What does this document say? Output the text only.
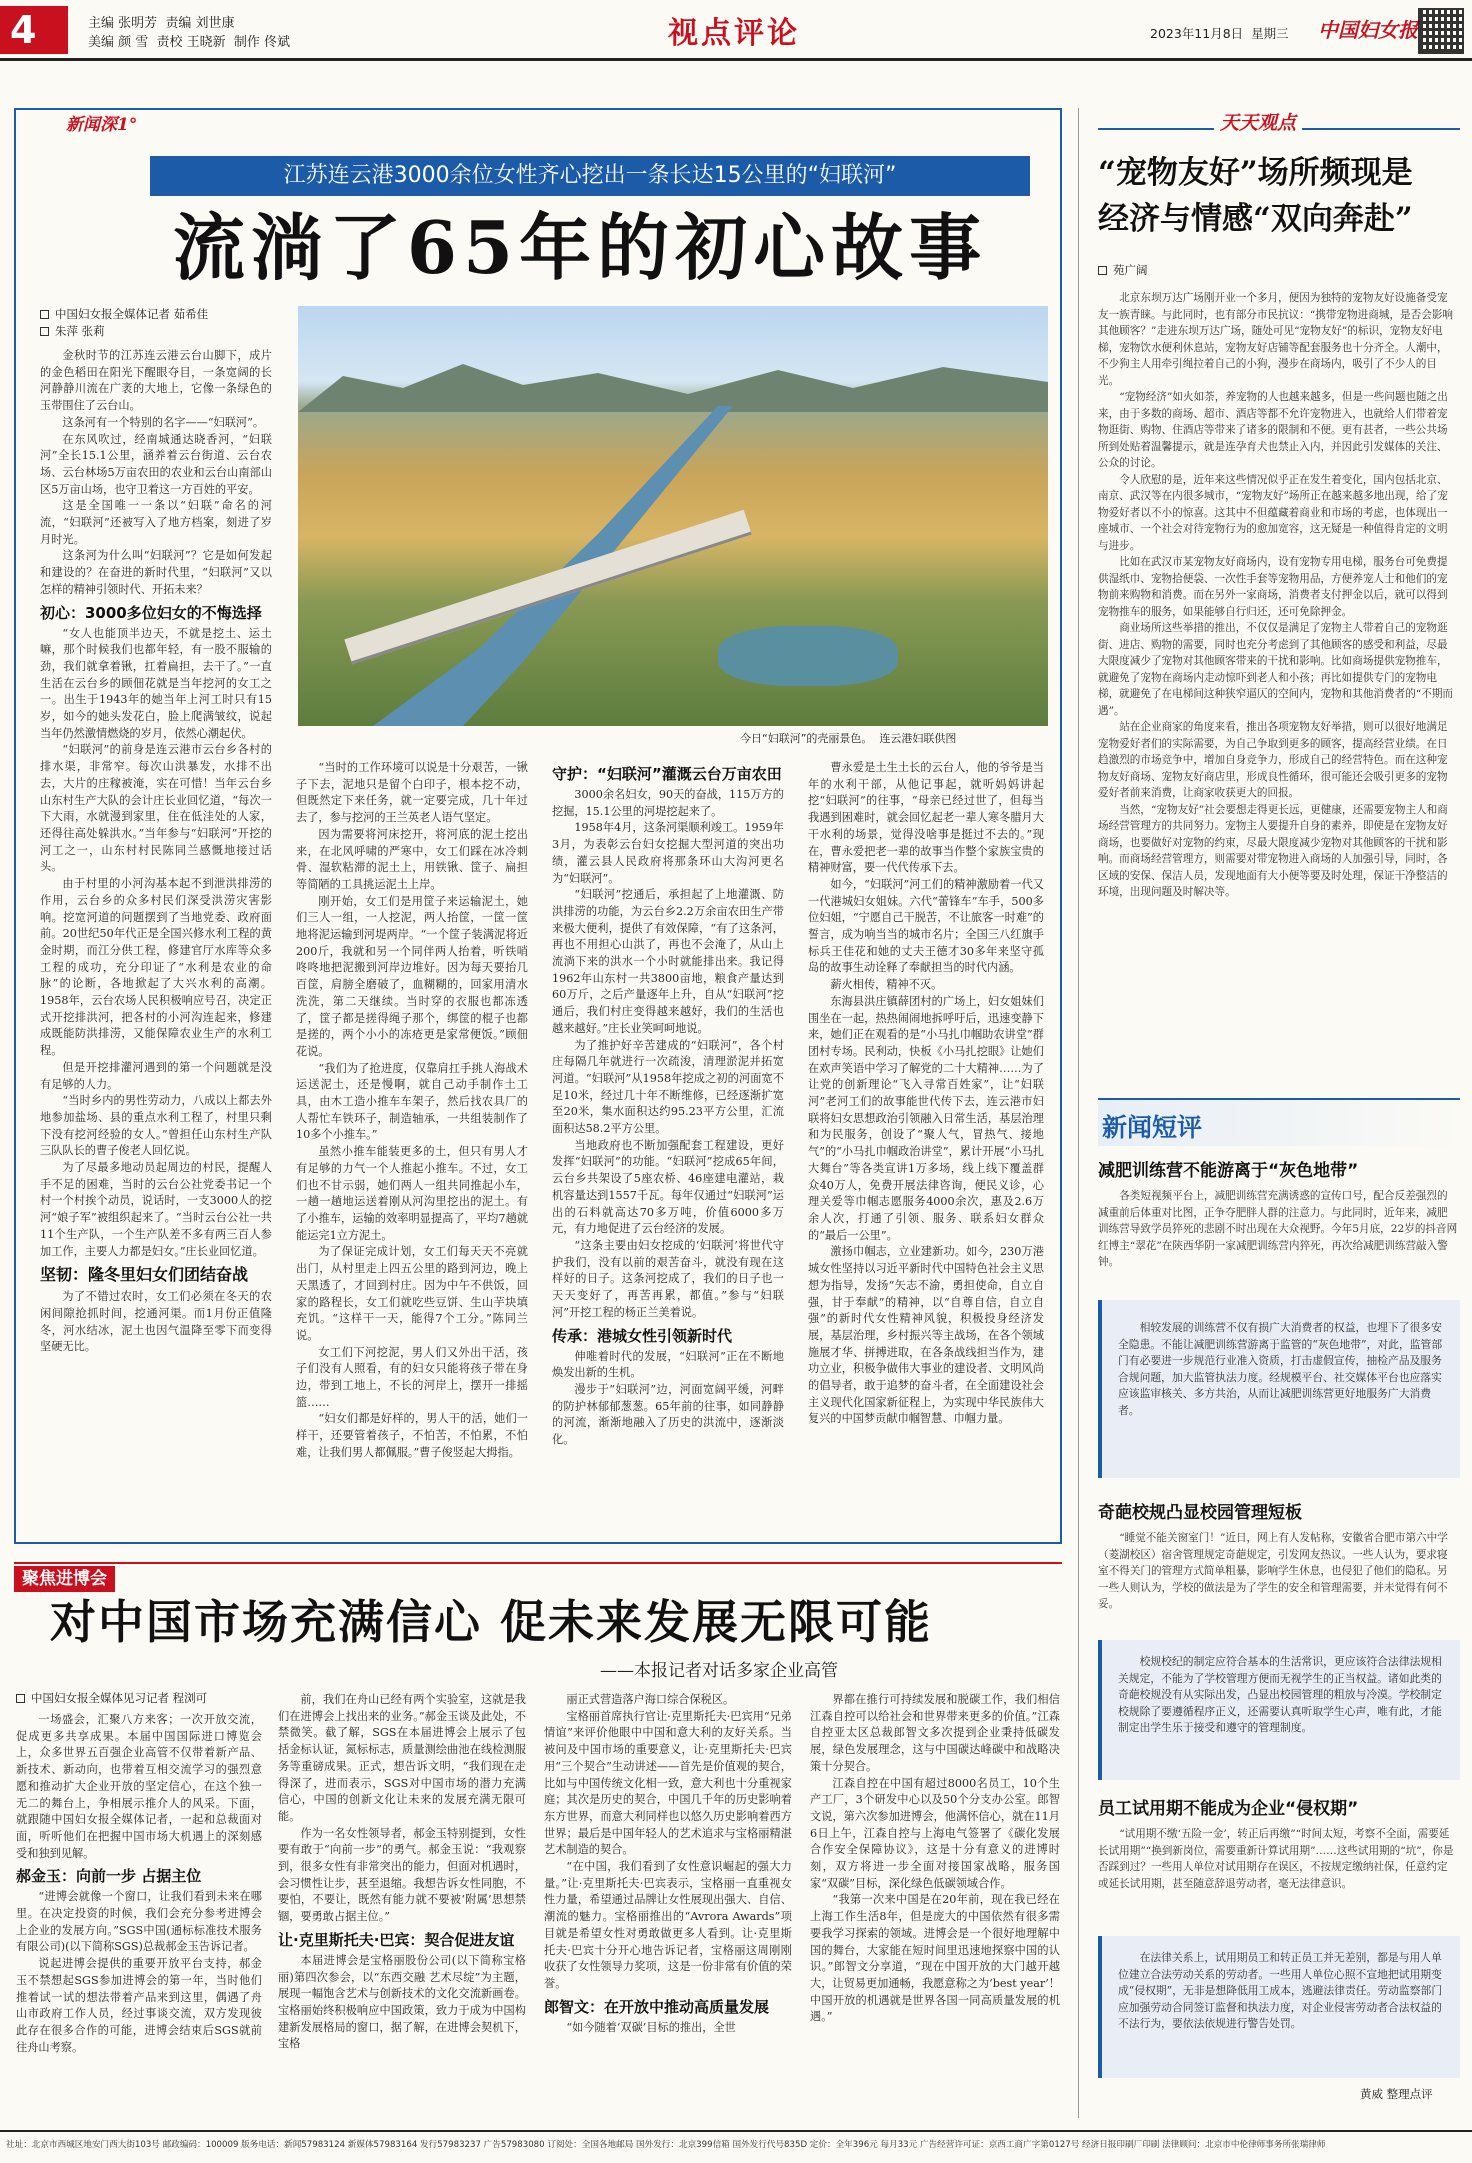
4	主编 张明芳  责编 刘世康
美编 颜 雪  责校 王晓新  制作 佟斌	视点评论	2023年11月8日  星期三 中国妇女报
新闻深1°
江苏连云港3000余位女性齐心挖出一条长达15公里的“妇联河”
流淌了65年的初心故事
中国妇女报全媒体记者 茹希佳
朱萍 张莉
今日“妇联河”的壳丽景色。  连云港妇联供图

金秋时节的江苏连云港云台山脚下，成片的金色稻田在阳光下醒眼夺目，一条宽阔的长河静静川流在广袤的大地上，它像一条绿色的玉带围住了云台山。

这条河有一个特别的名字——“妇联河”。

在东风吹过，经南城通达晓香河，“妇联河”全长15.1公里，涵养着云台街道、云台农场、云台林场5万亩农田的农业和云台山南部山区5万亩山场，也守卫着这一方百姓的平安。

这是全国唯一一条以“妇联”命名的河流，“妇联河”还被写入了地方档案，刻进了岁月时光。

这条河为什么叫“妇联河”？它是如何发起和建设的？在奋进的新时代里，“妇联河”又以怎样的精神引领时代、开拓未来？

初心：3000多位妇女的不悔选择

“女人也能顶半边天，不就是挖土、运土嘛，那个时候我们也都年轻，有一股不服输的劲，我们就拿着锹，扛着扁担，去干了。”一直生活在云台乡的顾佃花就是当年挖河的女工之一。出生于1943年的她当年上河工时只有15岁，如今的她头发花白，脸上爬满皱纹，说起当年仍然激情燃烧的岁月，依然心潮起伏。

“妇联河”的前身是连云港市云台乡各村的排水渠，非常窄。每次山洪暴发，水排不出去，大片的庄稼被淹，实在可惜！当年云台乡山东村生产大队的会计庄长业回忆道，“每次一下大雨，水就漫到家里，住在低洼处的人家，还得往高处躲洪水。”当年参与“妇联河”开挖的河工之一，山东村村民陈同兰感慨地接过话头。

由于村里的小河沟基本起不到泄洪排涝的作用，云台乡的众多村民们深受洪涝灾害影响。挖宽河道的问题摆到了当地党委、政府面前。20世纪50年代正是全国兴修水利工程的黄金时期，而江分供工程，修建官厅水库等众多工程的成功，充分印证了“水利是农业的命脉”的论断，各地掀起了大兴水利的高潮。1958年，云台农场人民积极响应号召，决定正式开挖排洪河，把各村的小河沟连起来，修建成既能防洪排涝，又能保障农业生产的水利工程。

但是开挖排灌河遇到的第一个问题就是没有足够的人力。

“当时乡内的男性劳动力，八成以上都去外地参加盐场、县的重点水利工程了，村里只剩下没有挖河经验的女人。”曾担任山东村生产队三队队长的曹子俊老人回忆说。

为了尽最多地动员起周边的村民，提醒人手不足的困难，当时的云台公社党委书记一个村一个村挨个动员，说话时，一支3000人的挖河“娘子军”被组织起来了。“当时云台公社一共11个生产队，一个生产队差不多有两三百人参加工作，主要人力都是妇女。”庄长业回忆道。

坚韧：隆冬里妇女们团结奋战

为了不错过农时，女工们必须在冬天的农闲间隙抢抓时间，挖通河渠。而1月份正值隆冬，河水结冰，泥土也因气温降至零下而变得坚硬无比。

“当时的工作环境可以说是十分艰苦，一锹子下去，泥地只是留个白印子，根本挖不动，但既然定下来任务，就一定要完成，几十年过去了，参与挖河的王兰英老人语气坚定。

因为需要将河床挖开，将河底的泥土挖出来，在北风呼啸的严寒中，女工们踩在冰冷刺骨、湿软粘滞的泥土上，用铁锹、筐子、扁担等简陋的工具挑运泥土上岸。

刚开始，女工们是用筐子来运输泥土，她们三人一组，一人挖泥，两人抬筐，一筐一筐地将泥运输到河堤两岸。“一个筐子装满泥将近200斤，我就和另一个同伴两人抬着，听铁哨咚咚地把泥搬到河岸边堆好。因为每天要抬几百筐，肩膀全磨破了，血糊糊的，回家用清水洗洗，第二天继续。当时穿的衣服也都冻透了，筐子都是搓得绳子那个，绑筐的棍子也都是搓的，两个小小的冻疮更是家常便饭。”顾佃花说。

“我们为了抢进度，仅靠肩扛手挑人海战术运送泥土，还是慢啊，就自己动手制作土工具，由木工造小推车车架子，然后找农具厂的人帮忙车铁环子，制造轴承，一共组装制作了10多个小推车。”

虽然小推车能装更多的土，但只有男人才有足够的力气一个人推起小推车。不过，女工们也不甘示弱，她们两人一组共同推起小车，一趟一趟地运送着刚从河沟里挖出的泥土。有了小推车，运输的效率明显提高了，平均7趟就能运完1立方泥土。

为了保证完成计划，女工们每天天不亮就出门，从村里走上四五公里的路到河边，晚上天黑透了，才回到村庄。因为中午不供饭，回家的路程长，女工们就吃些豆饼、生山芋块填充饥。“这样干一天，能得7个工分。”陈同兰说。

女工们下河挖泥，男人们又外出干活，孩子们没有人照看，有的妇女只能将孩子带在身边，带到工地上，不长的河岸上，摆开一排摇篮……

“妇女们都是好样的，男人干的活，她们一样干，还要管着孩子，不怕苦，不怕累，不怕难，让我们男人都佩服。”曹子俊竖起大拇指。

守护：“妇联河”灌溉云台万亩农田

3000余名妇女，90天的奋战，115万方的挖掘，15.1公里的河堤挖起来了。

1958年4月，这条河渠顺利竣工。1959年3月，为表彰云台妇女挖掘大型河道的突出功绩，灌云县人民政府将那条环山大沟河更名为“妇联河”。

“妇联河”挖通后，承担起了上地灌溉、防洪排涝的功能，为云台乡2.2万余亩农田生产带来极大便利，提供了有效保障，“有了这条河，再也不用担心山洪了，再也不会淹了，从山上流淌下来的洪水一个小时就能排出来。我记得1962年山东村一共3800亩地，粮食产量达到60万斤，之后产量逐年上升，自从“妇联河”挖通后，我们村庄变得越来越好，我们的生活也越来越好。”庄长业笑呵呵地说。

为了推护好辛苦建成的“妇联河”，各个村庄每隔几年就进行一次疏浚，清理淤泥并拓宽河道。“妇联河”从1958年挖成之初的河面宽不足10米，经过几十年不断维修，已经逐渐扩宽至20米，集水面积达约95.23平方公里，汇流面积达58.2平方公里。

当地政府也不断加强配套工程建设，更好发挥“妇联河”的功能。“妇联河”挖成65年间，云台乡共架设了5座农桥、46座建电灌站，栽机容量达到1557千瓦。每年仅通过“妇联河”运出的石料就高达70多万吨，价值6000多万元，有力地促进了云台经济的发展。

“这条主要由妇女挖成的‘妇联河’将世代守护我们，没有以前的艰苦奋斗，就没有现在这样好的日子。这条河挖成了，我们的日子也一天天变好了，再苦再累，都值。”参与“妇联河”开挖工程的杨正兰美着说。

传承：港城女性引领新时代

伸唯着时代的发展，“妇联河”正在不断地焕发出新的生机。

漫步于“妇联河”边，河面宽阔平缓，河畔的防护林郁郁葱葱。65年前的往事，如同静静的河流，渐渐地融入了历史的洪流中，逐渐淡化。

曹永爱是土生土长的云台人，他的爷爷是当年的水利干部，从他记事起，就听妈妈讲起挖“妇联河”的往事，“母亲已经过世了，但每当我遇到困难时，就会回忆起老一辈人寒冬腊月大干水利的场景，觉得没啥事是挺过不去的。”现在，曹永爱把老一辈的故事当作整个家族宝贵的精神财富，要一代代传承下去。

如今，“妇联河”河工们的精神激励着一代又一代港城妇女姐妹。六代“蕾锋车”车手，500多位妇姐，“宁愿自己干脱苦，不让旅客一时难”的誓言，成为响当当的城市名片；全国三八红旗手标兵王佳花和她的丈夫王德才30多年来坚守孤岛的故事生动诠释了奉献担当的时代内涵。

薪火相传，精神不灭。

东海县洪庄镇薛团村的广场上，妇女姐妹们围坐在一起，热热闹闹地拆呼吁后，迅速变静下来，她们正在观看的是“小马扎巾帼助农讲堂”群团村专场。民利动，快板《小马扎挖眼》让她们在欢声笑语中学习了解党的二十大精神……为了让党的创新理论“飞入寻常百姓家”，让“妇联河”老河工们的故事能世代传下去，连云港市妇联将妇女思想政治引领融入日常生活，基层治理和为民服务，创设了“聚人气，冒热气、接地气”的“小马扎巾帼政治讲堂”，累计开展“小马扎大舞台”等各类宣讲1万多场，线上线下覆盖群众40万人，免费开展法律咨询，便民义诊，心理关爱等巾帼志愿服务4000余次，惠及2.6万余人次，打通了引领、服务、联系妇女群众的“最后一公里”。

激扬巾帼志，立业建新功。如今，230万港城女性坚持以习近平新时代中国特色社会主义思想为指导，发扬“矢志不渝，勇担使命，自立自强，甘于奉献”的精神，以“自尊自信，自立自强”的新时代女性精神风貌，积极投身经济发展，基层治理，乡村振兴等主战场，在各个领域施展才华、拼搏进取，在各条战线担当作为，建功立业，积极争做伟大事业的建设者、文明风尚的倡导者，敢于追梦的奋斗者，在全面建设社会主义现代化国家新征程上，为实现中华民族伟大复兴的中国梦贡献巾帼智慧、巾帼力量。

天天观点
“宠物友好”场所频现是
经济与情感“双向奔赴”
苑广阔

北京东坝万达广场刚开业一个多月，便因为独特的宠物友好设施备受宠友一族青睐。与此同时，也有部分市民抗议：“携带宠物进商城，是否会影响其他顾客？”走进东坝万达广场，随处可见“宠物友好”的标识，宠物友好电梯，宠物饮水便利休息站，宠物友好店铺等配套服务也十分齐全。人潮中，不少狗主人用牵引绳拉着自己的小狗，漫步在商场内，吸引了不少人的目光。

“宠物经济”如火如荼，养宠物的人也越来越多，但是一些问题也随之出来，由于多数的商场、超市、酒店等都不允许宠物进入，也就给人们带着宠物逛街、购物、住酒店等带来了诸多的限制和不便。更有甚者，一些公共场所到处贴着温馨提示，就是连孕育犬也禁止入内，并因此引发媒体的关注、公众的讨论。

令人欣慰的是，近年来这些情况似乎正在发生着变化，国内包括北京、南京、武汉等在内很多城市，“宠物友好”场所正在越来越多地出现，给了宠物爱好者以不小的惊喜。这其中不但蕴藏着商业和市场的考虑，也体现出一座城市、一个社会对待宠物行为的愈加宽容，这无疑是一种值得肯定的文明与进步。

比如在武汉市某宠物友好商场内，设有宠物专用电梯，服务台可免费提供湿纸巾、宠物拾便袋、一次性手套等宠物用品，方便养宠人士和他们的宠物前来购物和消费。而在另外一家商场，消费者支付押金以后，就可以得到宠物推车的服务，如果能够自行归还，还可免除押金。

商业场所这些举措的推出，不仅仅是满足了宠物主人带着自己的宠物逛街、进店、购物的需要，同时也充分考虑到了其他顾客的感受和利益，尽最大限度减少了宠物对其他顾客带来的干扰和影响。比如商场提供宠物推车，就避免了宠物在商场内走动惊吓到老人和小孩；再比如提供专门的宠物电梯，就避免了在电梯间这种狭窄逼仄的空间内，宠物和其他消费者的“不期而遇”。

站在企业商家的角度来看，推出各项宠物友好举措，则可以很好地满足宠物爱好者们的实际需要，为自己争取到更多的顾客，提高经营业绩。在日趋激烈的市场竞争中，增加自身竞争力，形成自己的经营特色。而在这种宠物友好商场、宠物友好商店里，形成良性循环，很可能还会吸引更多的宠物爱好者前来消费，让商家收获更大的回报。

当然，“宠物友好”社会要想走得更长远，更健康，还需要宠物主人和商场经营管理方的共同努力。宠物主人要提升自身的素养，即使是在宠物友好商场，也要做好对宠物的约束，尽最大限度减少宠物对其他顾客的干扰和影响。而商场经营管理方，则需要对带宠物进入商场的人加强引导，同时，各区域的安保、保洁人员，发现地面有大小便等要及时处理，保证干净整洁的环境，出现问题及时解决等。

新闻短评
减肥训练营不能游离于“灰色地带”

各类短视频平台上，减肥训练营充满诱惑的宣传口号，配合反差强烈的减重前后体重对比图，正争夺肥胖人群的注意力。与此同时，近年来，减肥训练营导致学员猝死的悲剧不时出现在大众视野。今年5月底，22岁的抖音网红博主“翠花”在陕西华阴一家减肥训练营内猝死，再次给减肥训练营敲入警钟。

相较发展的训练营不仅有损广大消费者的权益，也埋下了很多安全隐患。不能让减肥训练营游离于监管的“灰色地带”，对此，监管部门有必要进一步规范行业准入资质，打击虚假宣传，抽检产品及服务合规问题，加大监管执法力度。经规模平台、社交媒体平台也应落实应该监审核关、多方共治，从而让减肥训练营更好地服务广大消费者。

奇葩校规凸显校园管理短板

“睡觉不能关窗室门！”近日，网上有人发帖称，安徽省合肥市第六中学（菱湖校区）宿舍管理规定奇葩规定，引发网友热议。一些人认为，要求寝室不得关门的管理方式简单粗暴，影响学生休息，也侵犯了他们的隐私。另一些人则认为，学校的做法是为了学生的安全和管理需要，并未觉得有何不妥。

校规校纪的制定应符合基本的生活常识，更应该符合法律法规相关规定，不能为了学校管理方便而无视学生的正当权益。诸如此类的奇葩校规没有从实际出发，凸显出校园管理的粗放与冷漠。学校制定校规除了要遵循程序正义，还需要认真听取学生心声，唯有此，才能制定出学生乐于接受和遵守的管理制度。

员工试用期不能成为企业“侵权期”

“试用期不缴‘五险一金’，转正后再缴”“时间太短，考察不全面，需要延长试用期”“换到新岗位，需要重新计算试用期”……这些试用期的“坑”，你是否踩到过？一些用人单位对试用期存在误区，不按规定缴纳社保，任意约定或延长试用期，甚至随意辞退劳动者，毫无法律意识。

在法律关系上，试用期员工和转正员工并无差别，都是与用人单位建立合法劳动关系的劳动者。一些用人单位心照不宣地把试用期变成“侵权期”，无非是想降低用工成本，逃避法律责任。劳动监察部门应加强劳动合同签订监督和执法力度，对企业侵害劳动者合法权益的不法行为，要依法依规进行警告处罚。

黄威 整理点评
聚焦进博会
对中国市场充满信心 促未来发展无限可能
——本报记者对话多家企业高管
中国妇女报全媒体见习记者 程浏可

一场盛会，汇聚八方来客；一次开放交流，促成更多共享成果。本届中国国际进口博览会上，众多世界五百强企业高管不仅带着新产品、新技术、新动向，也带着互相交流学习的强烈意愿和推动扩大企业开放的坚定信心，在这个独一无二的舞台上，争相展示推介人的风采。下面，就跟随中国妇女报全媒体记者，一起和总裁面对面，听听他们在把握中国市场大机遇上的深刻感受和独到见解。

郝金玉：向前一步 占据主位

“进博会就像一个窗口，让我们看到未来在哪里。在决定投资的时候，我们会充分参考进博会上企业的发展方向。”SGS中国(通标标准技术服务有限公司)(以下简称SGS)总裁郝金玉告诉记者。

说起进博会提供的重要开放平台支持，郝金玉不禁想起SGS参加进博会的第一年，当时他们推着试一试的想法带着产品来到这里，偶遇了舟山市政府工作人员，经过事谈交流，双方发现彼此存在很多合作的可能，进博会结束后SGS就前往舟山考察。

前，我们在舟山已经有两个实验室，这就是我们在进博会上找出来的业务。”郝金玉谈及此处，不禁微笑。截了解，SGS在本届进博会上展示了包括金标认证，氮标标志，质量测绘曲池在线检测服务等重磅成果。正式，想告诉文明，“我们现在走得深了，进而表示，SGS对中国市场的潜力充满信心，中国的创新文化让未来的发展充满无限可能。

作为一名女性领导者，郝金玉特别提到，女性要有敢于“向前一步”的勇气。郝金玉说：“我观察到，很多女性有非常突出的能力，但面对机遇时，会习惯性让步，甚至退缩。我想告诉女性同胞，不要怕，不要让，既然有能力就不要被‘附属’思想禁锢，要勇敢占据主位。”

让·克里斯托夫·巴宾：契合促进友谊

本届进博会是宝格丽股份公司(以下简称宝格丽)第四次参会，以“东西交融 艺术尽绽”为主题，展现一幅饱含艺术与创新技术的文化交流新画卷。宝格丽始终积极响应中国政策，致力于成为中国构建新发展格局的窗口，据了解，在进博会契机下，宝格

丽正式营造落户海口综合保税区。

宝格丽首席执行官让·克里斯托夫·巴宾用“兄弟情谊”来评价他眼中中国和意大利的友好关系。当被问及中国市场的重要意义，让·克里斯托夫·巴宾用“三个契合”生动讲述——首先是价值观的契合，比如与中国传统文化相一致，意大利也十分重视家庭；其次是历史的契合，中国几千年的历史影响着东方世界，而意大利同样也以悠久历史影响着西方世界；最后是中国年轻人的艺术追求与宝格丽精湛艺术制造的契合。

“在中国，我们看到了女性意识崛起的强大力量。”让·克里斯托夫·巴宾表示，宝格丽一直重视女性力量，希望通过品牌让女性展现出强大、自信、潮流的魅力。宝格丽推出的“Avrora Awards”项目就是希望女性对勇敢做更多人看到。让·克里斯托夫·巴宾十分开心地告诉记者，宝格丽这周刚刚收获了女性领导力奖项，这是一份非常有价值的荣誉。

郎智文：在开放中推动高质量发展

“如今随着‘双碳’目标的推出，全世

界都在推行可持续发展和脱碳工作，我们相信江森自控可以给社会和世界带来更多的价值。”江森自控亚太区总裁郎智文多次提到企业秉持低碳发展，绿色发展理念，这与中国碳达峰碳中和战略决策十分契合。

江森自控在中国有超过8000名员工，10个生产工厂，3个研发中心以及50个分支办公室。郎智文说，第六次参加进博会，他满怀信心，就在11月6日上午，江森自控与上海电气签署了《碳化发展合作安全保障协议》，这是十分有意义的进博时刻，双方将进一步全面对接国家战略，服务国家“双碳”目标，深化绿色低碳领域合作。

“我第一次来中国是在20年前，现在我已经在上海工作生活8年，但是庞大的中国依然有很多需要我学习探索的领域。进博会是一个很好地理解中国的舞台，大家能在短时间里迅速地探察中国的认识。”郎智文分享道，“现在中国开放的大门越开越大，让贸易更加通畅，我愿意称之为‘best year’！中国开放的机遇就是世界各国一同高质量发展的机遇。”

社址：北京市西城区地安门西大街103号 邮政编码：100009 版务电话：新闻57983124 新媒体57983164 发行57983237 广告57983080 订阅处：全国各地邮局 国外发行：北京399信箱 国外发行代号835D 定价：全年396元 每月33元 广告经营许可证：京西工商广字第0127号 经济日报印刷厂印刷 法律顾问：北京市中伦律师事务所张瑞律师
